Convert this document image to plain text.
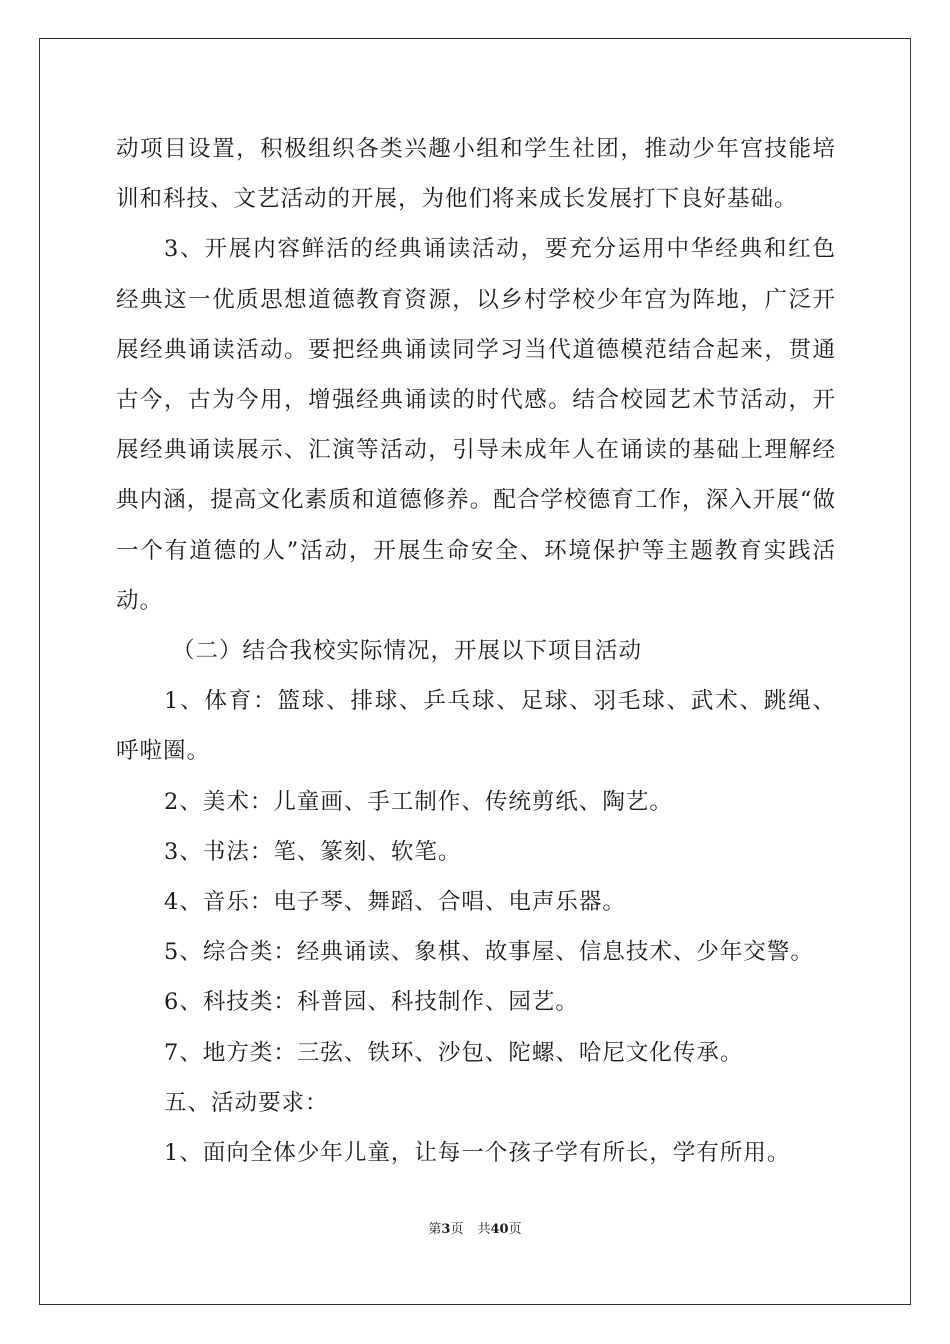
动项目设置，积极组织各类兴趣小组和学生社团，推动少年宫技能培训和科技、文艺活动的开展，为他们将来成长发展打下良好基础。

3、开展内容鲜活的经典诵读活动，要充分运用中华经典和红色经典这一优质思想道德教育资源，以乡村学校少年宫为阵地，广泛开展经典诵读活动。要把经典诵读同学习当代道德模范结合起来，贯通古今，古为今用，增强经典诵读的时代感。结合校园艺术节活动，开展经典诵读展示、汇演等活动，引导未成年人在诵读的基础上理解经典内涵，提高文化素质和道德修养。配合学校德育工作，深入开展“做一个有道德的人”活动，开展生命安全、环境保护等主题教育实践活动。

（二）结合我校实际情况，开展以下项目活动

1、体育：篮球、排球、乒乓球、足球、羽毛球、武术、跳绳、呼啦圈。

2、美术：儿童画、手工制作、传统剪纸、陶艺。

3、书法：笔、篆刻、软笔。

4、音乐：电子琴、舞蹈、合唱、电声乐器。

5、综合类：经典诵读、象棋、故事屋、信息技术、少年交警。

6、科技类：科普园、科技制作、园艺。

7、地方类：三弦、铁环、沙包、陀螺、哈尼文化传承。

五、活动要求：

1、面向全体少年儿童，让每一个孩子学有所长，学有所用。

第3页 共40页
